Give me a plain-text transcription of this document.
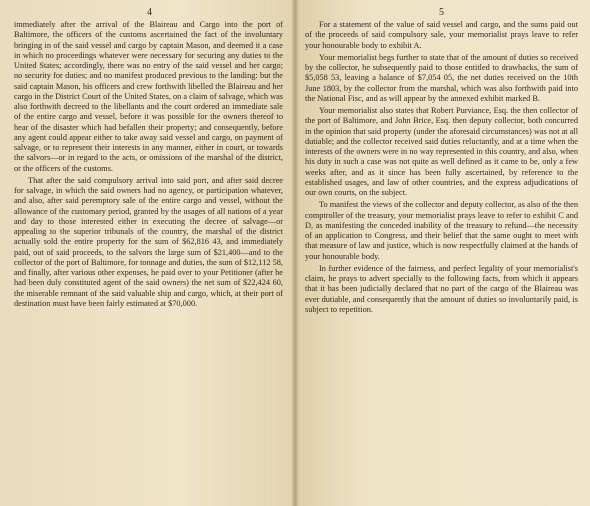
4

immediately after the arrival of the Blaireau and Cargo into the port of Baltimore, the officers of the customs ascertained the fact of the involuntary bringing in of the said vessel and cargo by captain Mason, and deemed it a case in which no proceedings whatever were necessary for securing any duties to the United States; accordingly, there was no entry of the said vessel and her cargo; no security for duties; and no manifest produced previous to the landing: but the said captain Mason, his officers and crew forthwith libelled the Blaireau and her cargo in the District Court of the United States, on a claim of salvage, which was also forthwith decreed to the libellants and the court ordered an immediate sale of the entire cargo and vessel, before it was possible for the owners thereof to hear of the disaster which had befallen their property; and consequently, before any agent could appear either to take away said vessel and cargo, on payment of salvage, or to represent their interests in any manner, either in court, or towards the salvors—or in regard to the acts, or omissions of the marshal of the district, or the officers of the customs.

That after the said compulsory arrival into said port, and after said decree for salvage, in which the said owners had no agency, or participation whatever, and also, after said peremptory sale of the entire cargo and vessel, without the allowance of the customary period, granted by the usages of all nations of a year and day to those interested either in executing the decree of salvage—or appealing to the superior tribunals of the country, the marshal of the district actually sold the entire property for the sum of $62,816 43, and immediately paid, out of said proceeds, to the salvors the large sum of $21,400—and to the collector of the port of Baltimore, for tonnage and duties, the sum of $12,112 58, and finally, after various other expenses, he paid over to your Petitioner (after he had been duly constituted agent of the said owners) the net sum of $22,424 60, the miserable remnant of the said valuable ship and cargo, which, at their port of destination must have been fairly estimated at $70,000.

5

For a statement of the value of said vessel and cargo, and the sums paid out of the proceeds of said compulsory sale, your memorialist prays leave to refer your honourable body to exhibit A.

Your memorialist begs further to state that of the amount of duties so received by the collector, he subsequently paid to those entitled to drawbacks, the sum of $5,058 53, leaving a balance of $7,054 05, the net duties received on the 10th June 1803, by the collector from the marshal, which was also forthwith paid into the National Fisc, and as will appear by the annexed exhibit marked B.

Your memorialist also states that Robert Purviance, Esq. the then collector of the port of Baltimore, and John Brice, Esq. then deputy collector, both concurred in the opinion that said property (under the aforesaid circumstances) was not at all dutiable; and the collector received said duties reluctantly, and at a time when the interests of the owners were in no way represented in this country, and also, when his duty in such a case was not quite as well defined as it came to be, only a few weeks after, and as it since has been fully ascertained, by reference to the established usages, and law of other countries, and the express adjudications of our own courts, on the subject.

To manifest the views of the collector and deputy collector, as also of the then comptroller of the treasury, your memorialist prays leave to refer to exhibit C and D, as manifesting the conceded inability of the treasury to refund—the necessity of an application to Congress, and their belief that the same ought to meet with that measure of law and justice, which is now respectfully claimed at the hands of your honourable body.

In further evidence of the fairness, and perfect legality of your memorialist's claim, he prays to advert specially to the following facts, from which it appears that it has been judicially declared that no part of the cargo of the Blaireau was ever dutiable, and consequently that the amount of duties so involuntarily paid, is subject to repetition.
